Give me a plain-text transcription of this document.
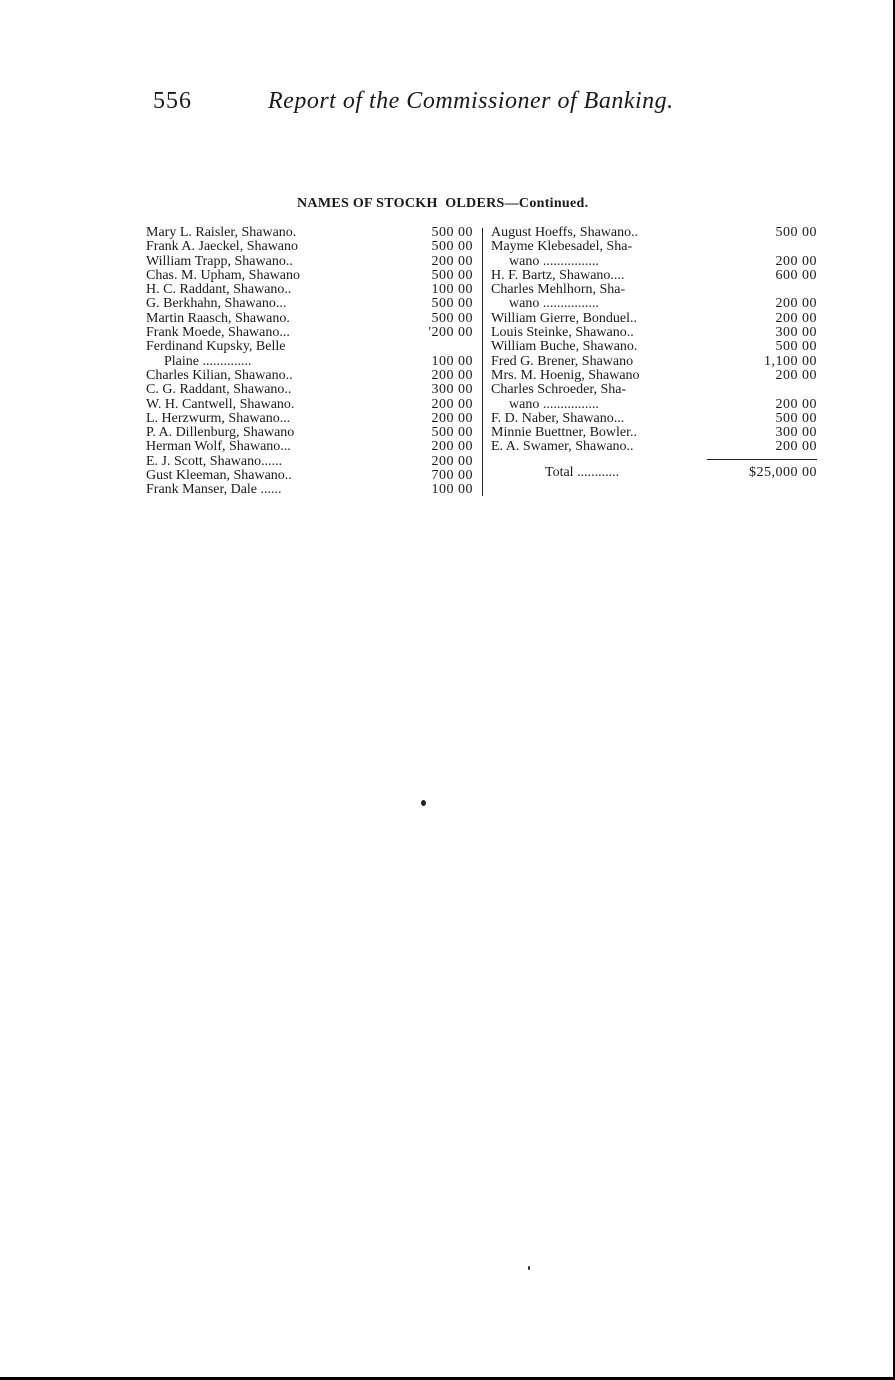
556	Report of the Commissioner of Banking.
NAMES OF STOCKH  OLDERS—Continued.
Mary L. Raisler, Shawano.	500 00
Frank A. Jaeckel, Shawano	500 00
William Trapp, Shawano..	200 00
Chas. M. Upham, Shawano	500 00
H. C. Raddant, Shawano..	100 00
G. Berkhahn, Shawano...	500 00
Martin Raasch, Shawano.	500 00
Frank Moede, Shawano...	'200 00
Ferdinand Kupsky, Belle
Plaine ..............	100 00
Charles Kilian, Shawano..	200 00
C. G. Raddant, Shawano..	300 00
W. H. Cantwell, Shawano.	200 00
L. Herzwurm, Shawano...	200 00
P. A. Dillenburg, Shawano	500 00
Herman Wolf, Shawano...	200 00
E. J. Scott, Shawano......	200 00
Gust Kleeman, Shawano..	700 00
Frank Manser, Dale ......	100 00
August Hoeffs, Shawano..	500 00
Mayme Klebesadel, Sha-
wano ................	200 00
H. F. Bartz, Shawano....	600 00
Charles Mehlhorn, Sha-
wano ................	200 00
William Gierre, Bonduel..	200 00
Louis Steinke, Shawano..	300 00
William Buche, Shawano.	500 00
Fred G. Brener, Shawano	1,100 00
Mrs. M. Hoenig, Shawano	200 00
Charles Schroeder, Sha-
wano ................	200 00
F. D. Naber, Shawano...	500 00
Minnie Buettner, Bowler..	300 00
E. A. Swamer, Shawano..	200 00
Total ............	$25,000 00
